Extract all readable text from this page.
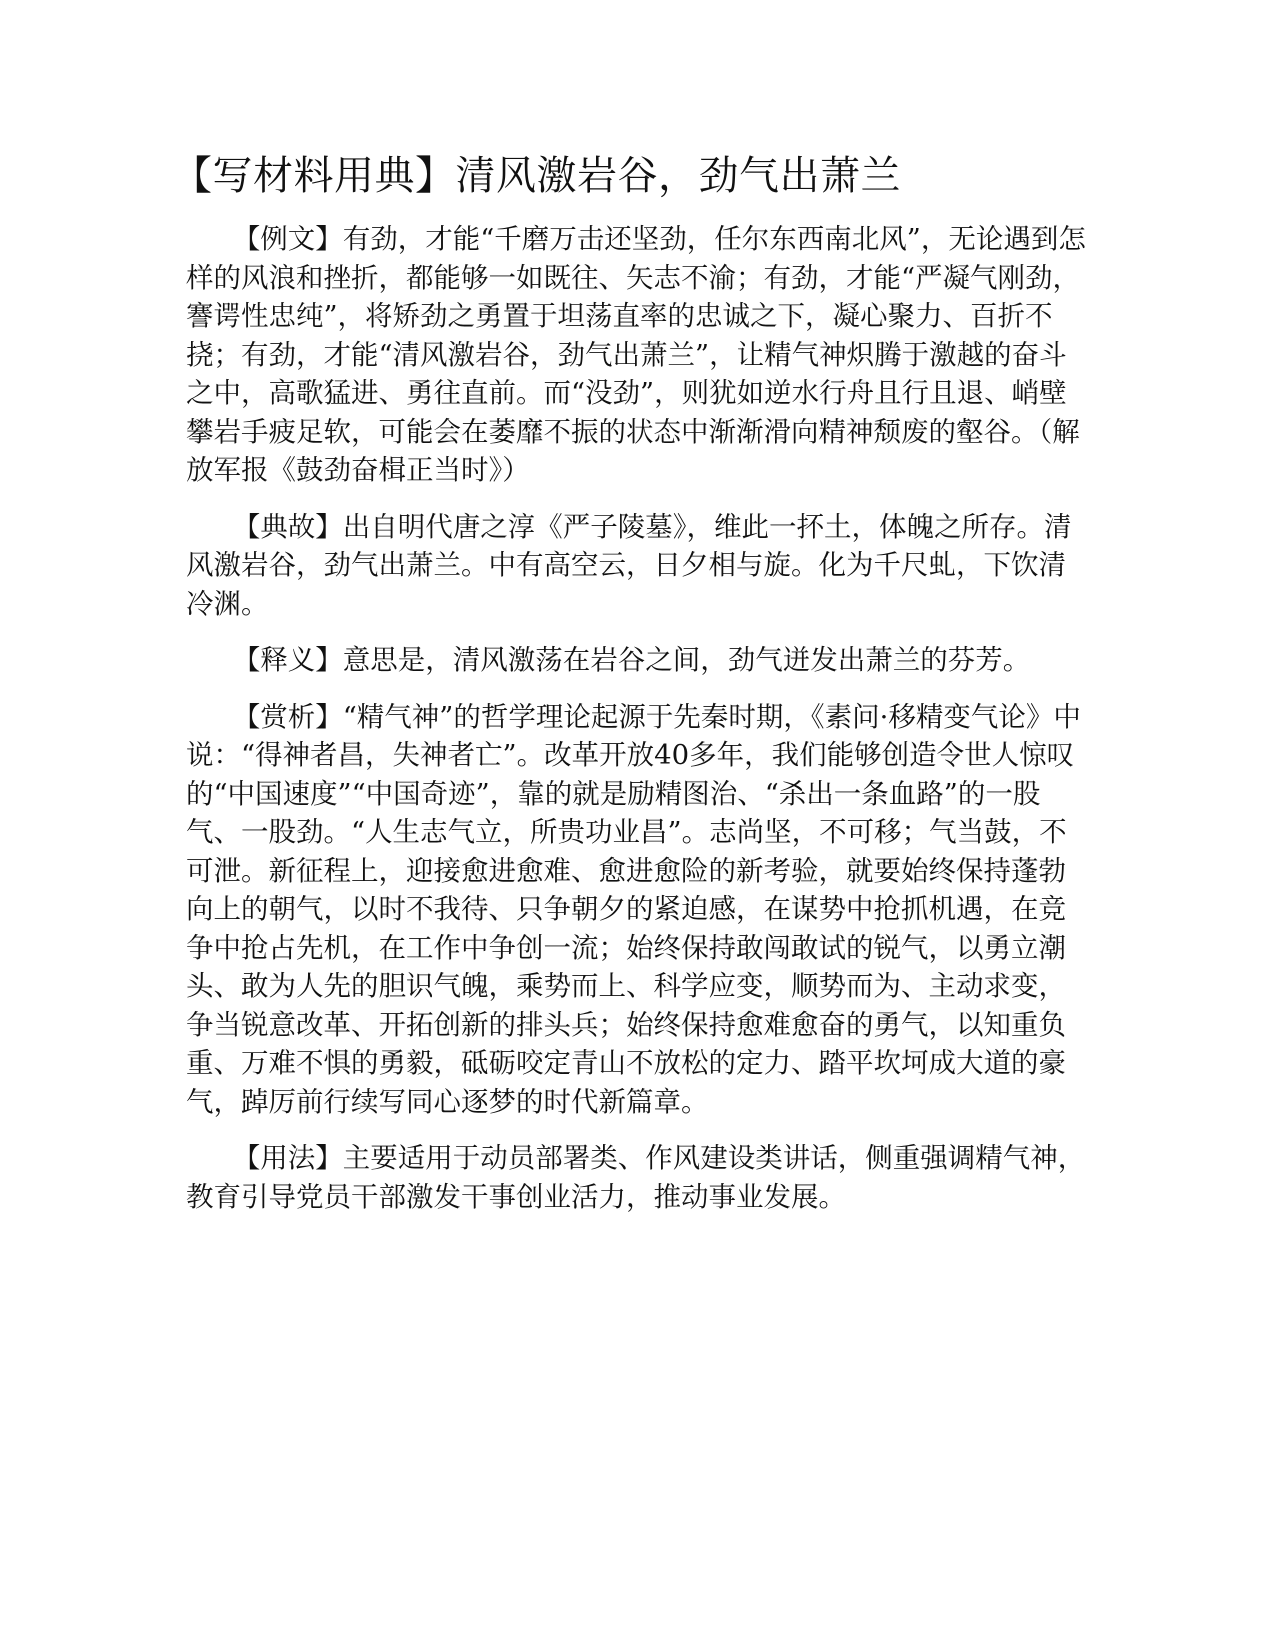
【写材料用典】清风激岩谷，劲气出萧兰

【例文】有劲，才能“千磨万击还坚劲，任尔东西南北风”，无论遇到怎样的风浪和挫折，都能够一如既往、矢志不渝；有劲，才能“严凝气刚劲，謇谔性忠纯”，将矫劲之勇置于坦荡直率的忠诚之下，凝心聚力、百折不挠；有劲，才能“清风激岩谷，劲气出萧兰”，让精气神炽腾于激越的奋斗之中，高歌猛进、勇往直前。而“没劲”，则犹如逆水行舟且行且退、峭壁攀岩手疲足软，可能会在萎靡不振的状态中渐渐滑向精神颓废的壑谷。（解放军报《鼓劲奋楫正当时》）

【典故】出自明代唐之淳《严子陵墓》，维此一抔土，体魄之所存。清风激岩谷，劲气出萧兰。中有高空云，日夕相与旋。化为千尺虬，下饮清冷渊。

【释义】意思是，清风激荡在岩谷之间，劲气迸发出萧兰的芬芳。

【赏析】“精气神”的哲学理论起源于先秦时期，《素问·移精变气论》中说：“得神者昌，失神者亡”。改革开放40多年，我们能够创造令世人惊叹的“中国速度”“中国奇迹”，靠的就是励精图治、“杀出一条血路”的一股气、一股劲。“人生志气立，所贵功业昌”。志尚坚，不可移；气当鼓，不可泄。新征程上，迎接愈进愈难、愈进愈险的新考验，就要始终保持蓬勃向上的朝气，以时不我待、只争朝夕的紧迫感，在谋势中抢抓机遇，在竞争中抢占先机，在工作中争创一流；始终保持敢闯敢试的锐气，以勇立潮头、敢为人先的胆识气魄，乘势而上、科学应变，顺势而为、主动求变，争当锐意改革、开拓创新的排头兵；始终保持愈难愈奋的勇气，以知重负重、万难不惧的勇毅，砥砺咬定青山不放松的定力、踏平坎坷成大道的豪气，踔厉前行续写同心逐梦的时代新篇章。

【用法】主要适用于动员部署类、作风建设类讲话，侧重强调精气神，教育引导党员干部激发干事创业活力，推动事业发展。
